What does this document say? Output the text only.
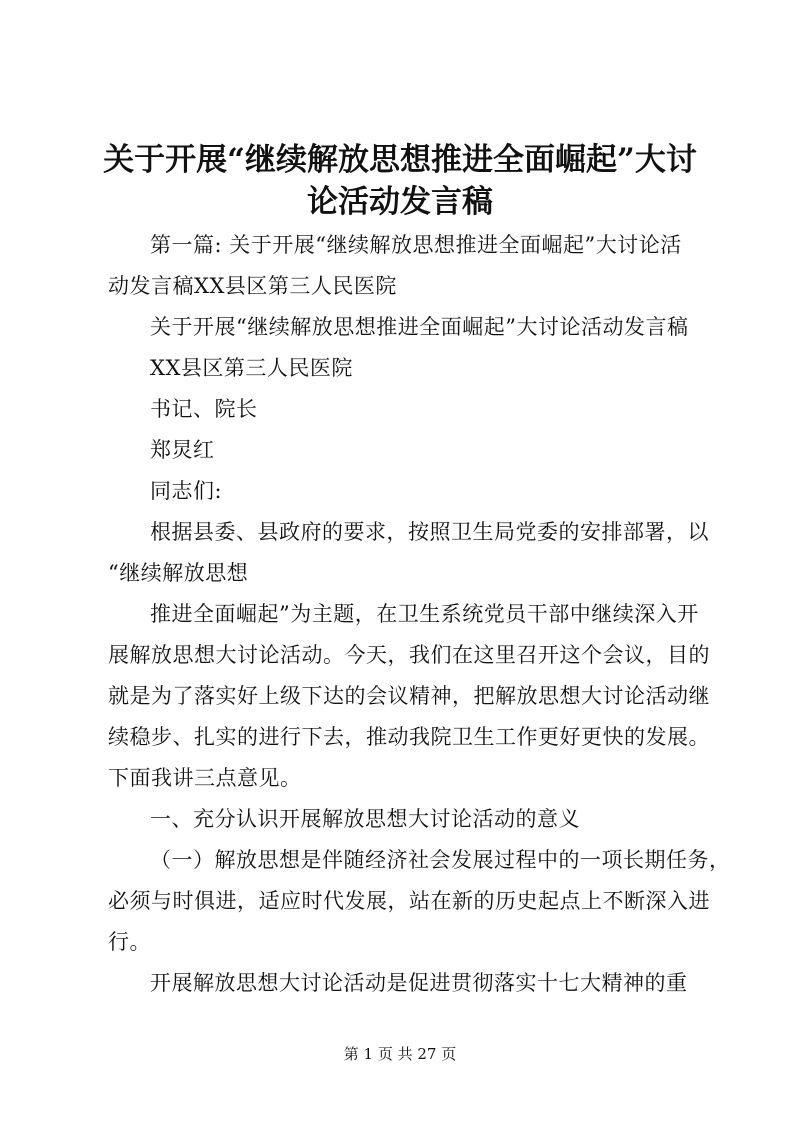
关于开展“继续解放思想推进全面崛起”大讨
论活动发言稿
第一篇: 关于开展“继续解放思想推进全面崛起”大讨论活
动发言稿XX县区第三人民医院
关于开展“继续解放思想推进全面崛起”大讨论活动发言稿
XX县区第三人民医院
书记、院长
郑炅红
同志们:
根据县委、县政府的要求，按照卫生局党委的安排部署，以
“继续解放思想
推进全面崛起”为主题，在卫生系统党员干部中继续深入开
展解放思想大讨论活动。今天，我们在这里召开这个会议，目的
就是为了落实好上级下达的会议精神，把解放思想大讨论活动继
续稳步、扎实的进行下去，推动我院卫生工作更好更快的发展。
下面我讲三点意见。
一、充分认识开展解放思想大讨论活动的意义
（一）解放思想是伴随经济社会发展过程中的一项长期任务，
必须与时俱进，适应时代发展，站在新的历史起点上不断深入进
行。
开展解放思想大讨论活动是促进贯彻落实十七大精神的重
第 1 页 共 27 页
